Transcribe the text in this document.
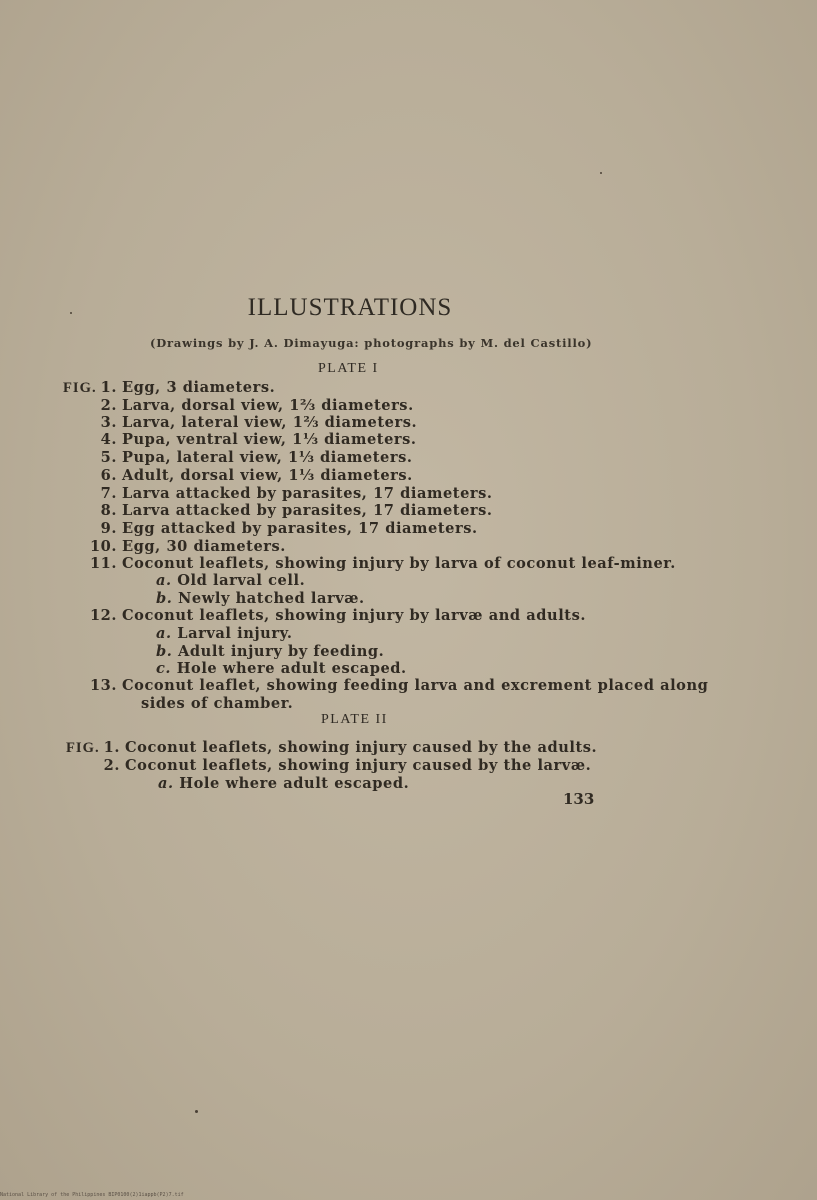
ILLUSTRATIONS
(Drawings by J. A. Dimayuga: photographs by M. del Castillo)
PLATE I
FIG. 1. Egg, 3 diameters.
2. Larva, dorsal view, 1⅔ diameters.
3. Larva, lateral view, 1⅔ diameters.
4. Pupa, ventral view, 1⅓ diameters.
5. Pupa, lateral view, 1⅓ diameters.
6. Adult, dorsal view, 1⅓ diameters.
7. Larva attacked by parasites, 17 diameters.
8. Larva attacked by parasites, 17 diameters.
9. Egg attacked by parasites, 17 diameters.
10. Egg, 30 diameters.
11. Coconut leaflets, showing injury by larva of coconut leaf-miner.
a. Old larval cell.
b. Newly hatched larvæ.
12. Coconut leaflets, showing injury by larvæ and adults.
a. Larval injury.
b. Adult injury by feeding.
c. Hole where adult escaped.
13. Coconut leaflet, showing feeding larva and excrement placed along
sides of chamber.
PLATE II
FIG. 1. Coconut leaflets, showing injury caused by the adults.
2. Coconut leaflets, showing injury caused by the larvæ.
a. Hole where adult escaped.
133
National Library of the Philippines BIP0100(2)1iappb(P2)7.tif
